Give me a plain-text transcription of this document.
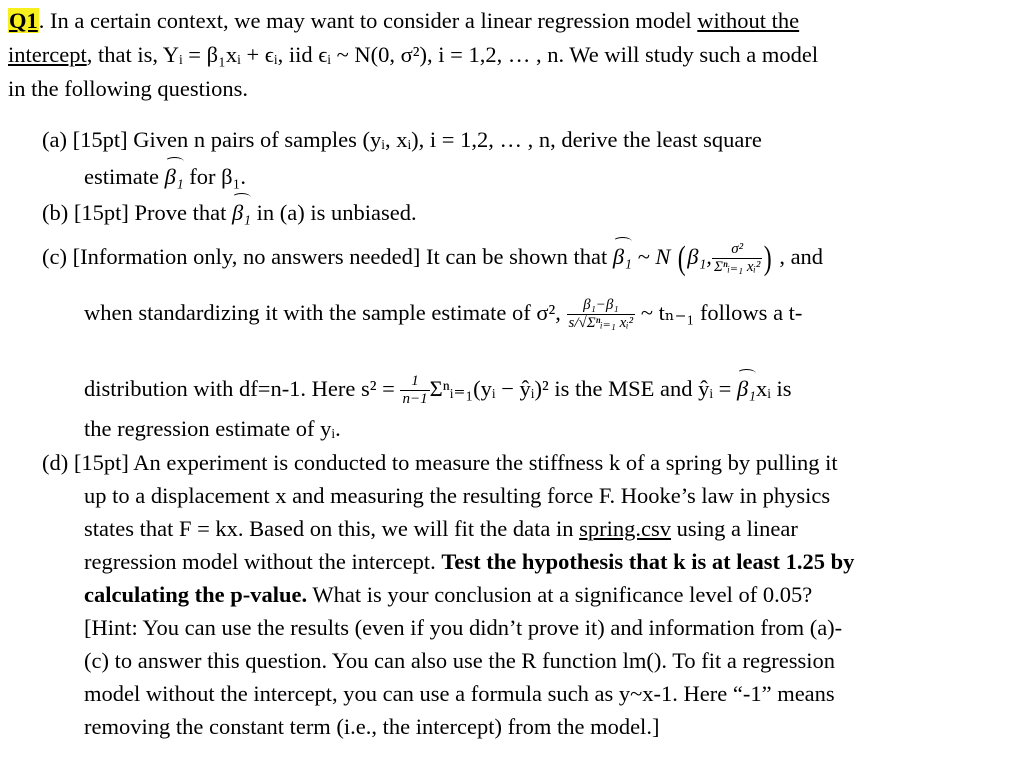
Q1. In a certain context, we may want to consider a linear regression model without the
intercept, that is, Yᵢ = β₁xᵢ + ϵᵢ, iid ϵᵢ ~ N(0, σ²), i = 1,2, … , n. We will study such a model
in the following questions.
(a) [15pt] Given n pairs of samples (yᵢ, xᵢ), i = 1,2, … , n, derive the least square
estimate β₁ for β₁.
(b) [15pt] Prove that β₁ in (a) is unbiased.
(c) [Information only, no answers needed] It can be shown that β₁ ~ N (β₁, $\frac{\text{σ²}}{\text{Σⁿᵢ₌₁ xᵢ²}}$ ) , and
when standardizing it with the sample estimate of σ², $\frac{\text{β₁−β₁}}{\text{s/√Σⁿᵢ₌₁ xᵢ²}}$ ~ tₙ₋₁ follows a t-
distribution with df=n-1. Here $s^2 = \frac{1}{n-1}$ Σⁿᵢ₌₁(yᵢ − ŷᵢ)² is the MSE and ŷᵢ = β₁xᵢ is
the regression estimate of yᵢ.
(d) [15pt] An experiment is conducted to measure the stiffness k of a spring by pulling it
up to a displacement x and measuring the resulting force F. Hooke’s law in physics
states that F = kx. Based on this, we will fit the data in spring.csv using a linear
regression model without the intercept. Test the hypothesis that k is at least 1.25 by
calculating the p-value. What is your conclusion at a significance level of 0.05?
[Hint: You can use the results (even if you didn’t prove it) and information from (a)-
(c) to answer this question. You can also use the R function lm(). To fit a regression
model without the intercept, you can use a formula such as y~x-1. Here “-1” means
removing the constant term (i.e., the intercept) from the model.]
